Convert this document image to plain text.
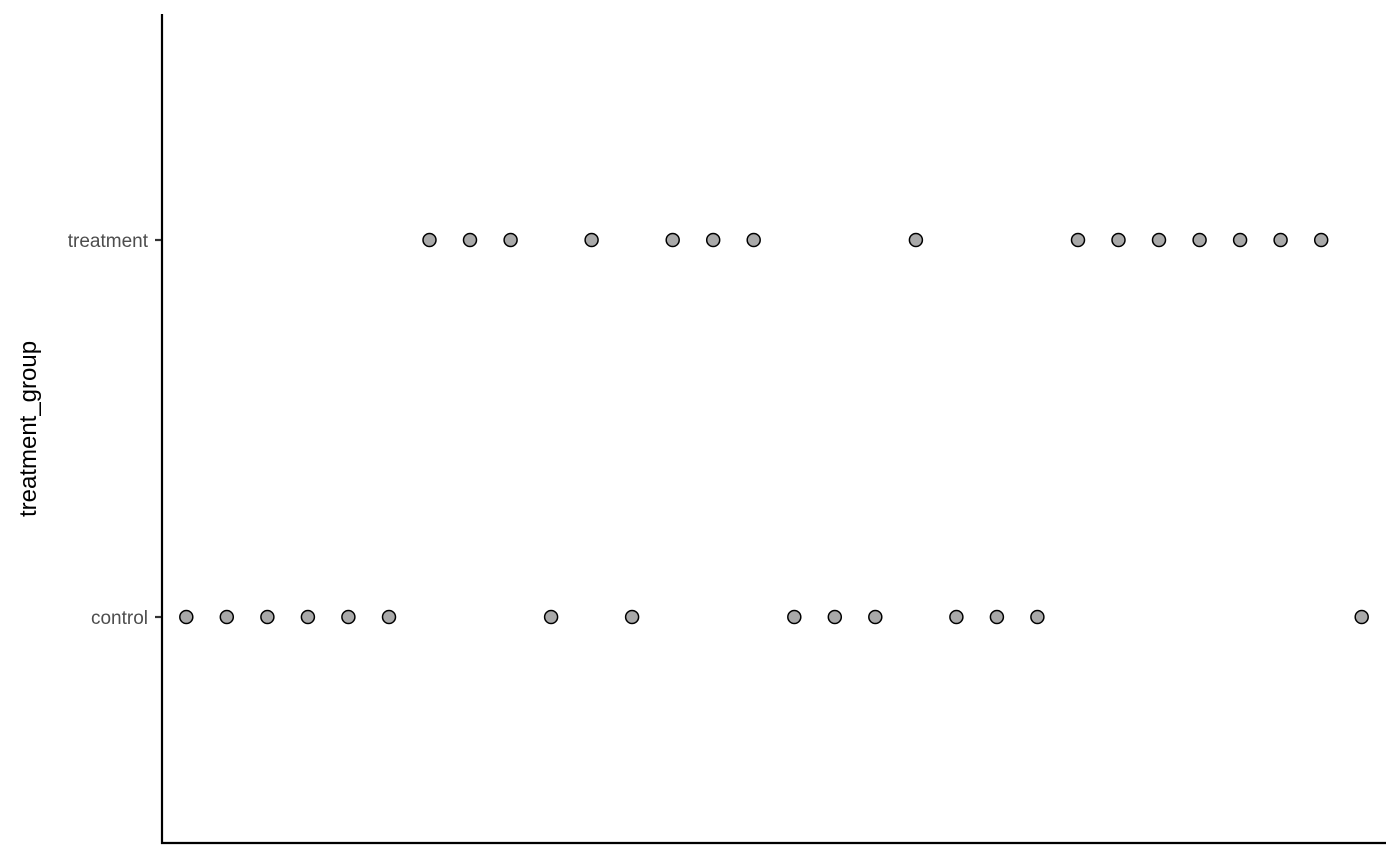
control
treatment
treatment_group
